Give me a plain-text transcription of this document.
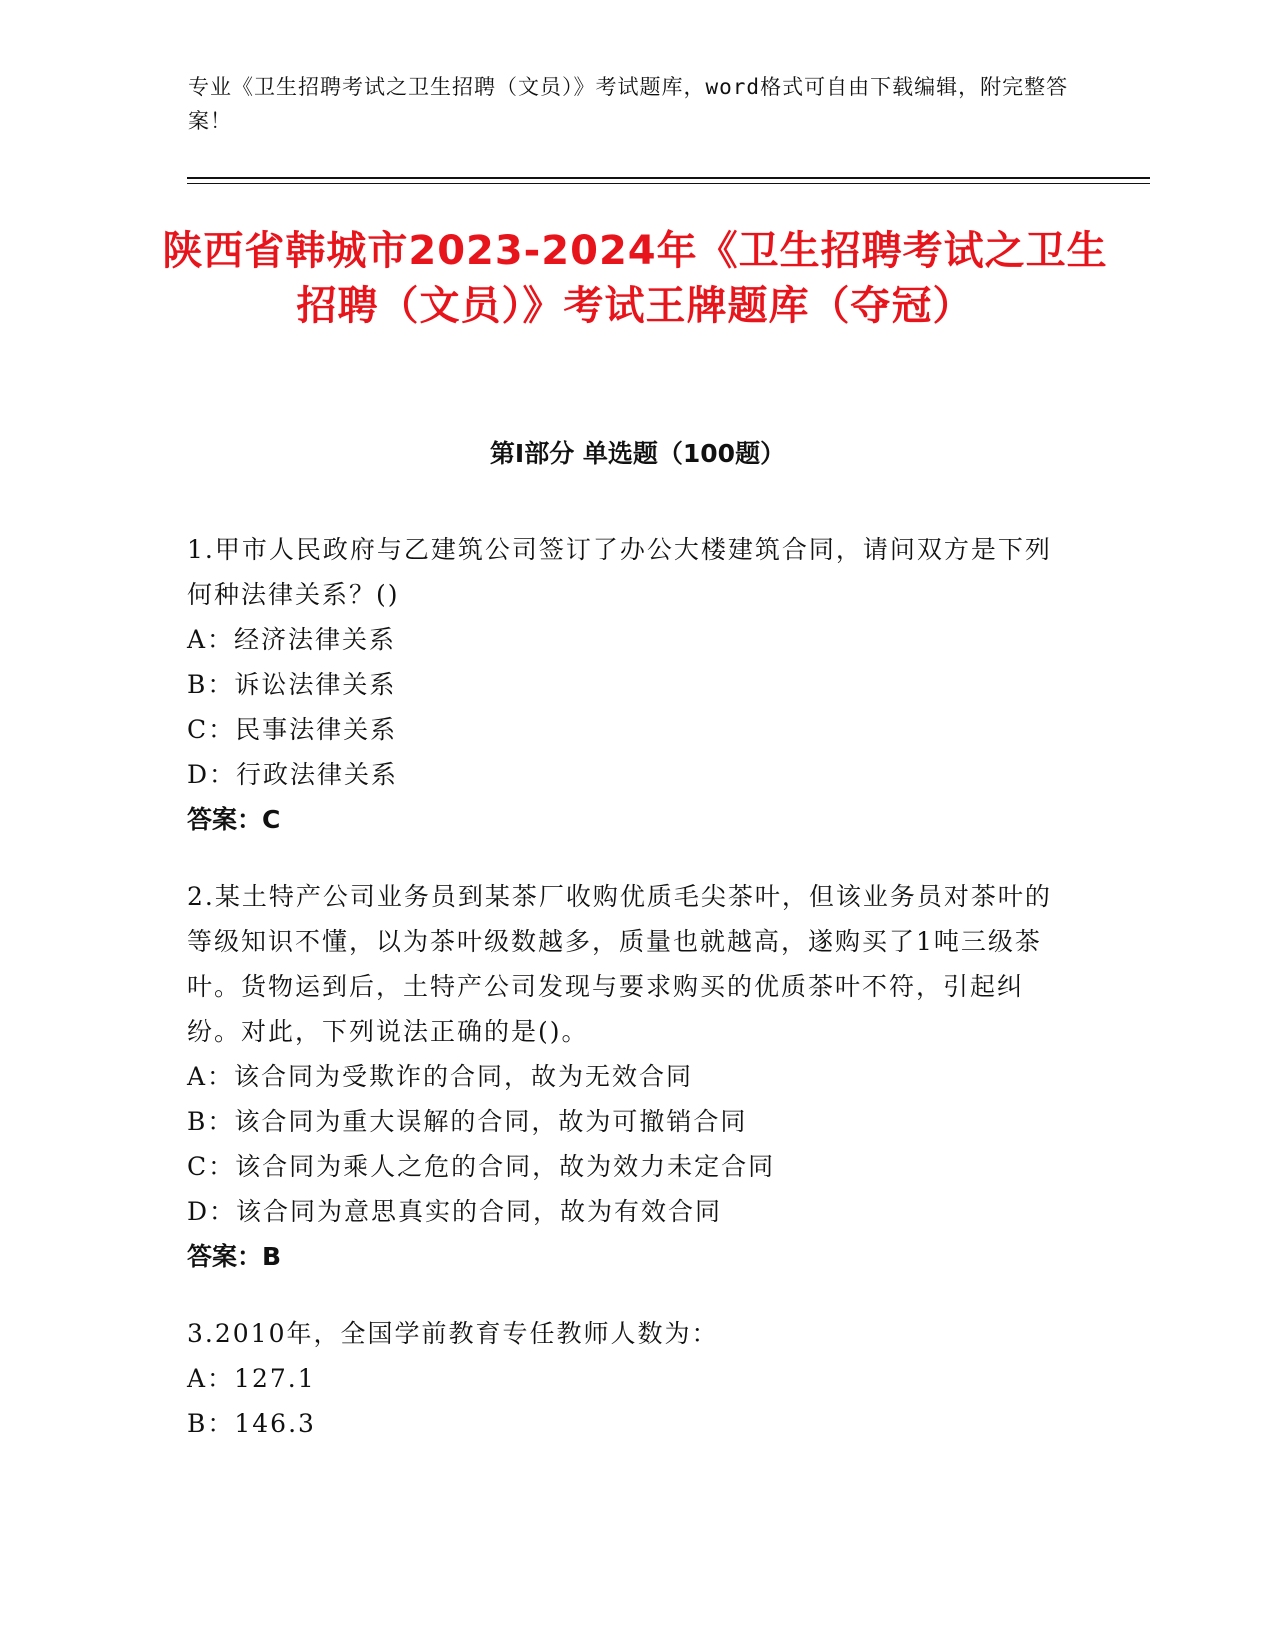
专业《卫生招聘考试之卫生招聘（文员）》考试题库，word格式可自由下载编辑，附完整答案！
陕西省韩城市2023-2024年《卫生招聘考试之卫生招聘（文员）》考试王牌题库（夺冠）
第I部分 单选题（100题）

1.甲市人民政府与乙建筑公司签订了办公大楼建筑合同，请问双方是下列何种法律关系？()

A：经济法律关系

B：诉讼法律关系

C：民事法律关系

D：行政法律关系

答案：C

2.某土特产公司业务员到某茶厂收购优质毛尖茶叶，但该业务员对茶叶的等级知识不懂，以为茶叶级数越多，质量也就越高，遂购买了1吨三级茶叶。货物运到后，土特产公司发现与要求购买的优质茶叶不符，引起纠纷。对此，下列说法正确的是()。

A：该合同为受欺诈的合同，故为无效合同

B：该合同为重大误解的合同，故为可撤销合同

C：该合同为乘人之危的合同，故为效力未定合同

D：该合同为意思真实的合同，故为有效合同

答案：B

3.2010年，全国学前教育专任教师人数为：

A：127.1

B：146.3
